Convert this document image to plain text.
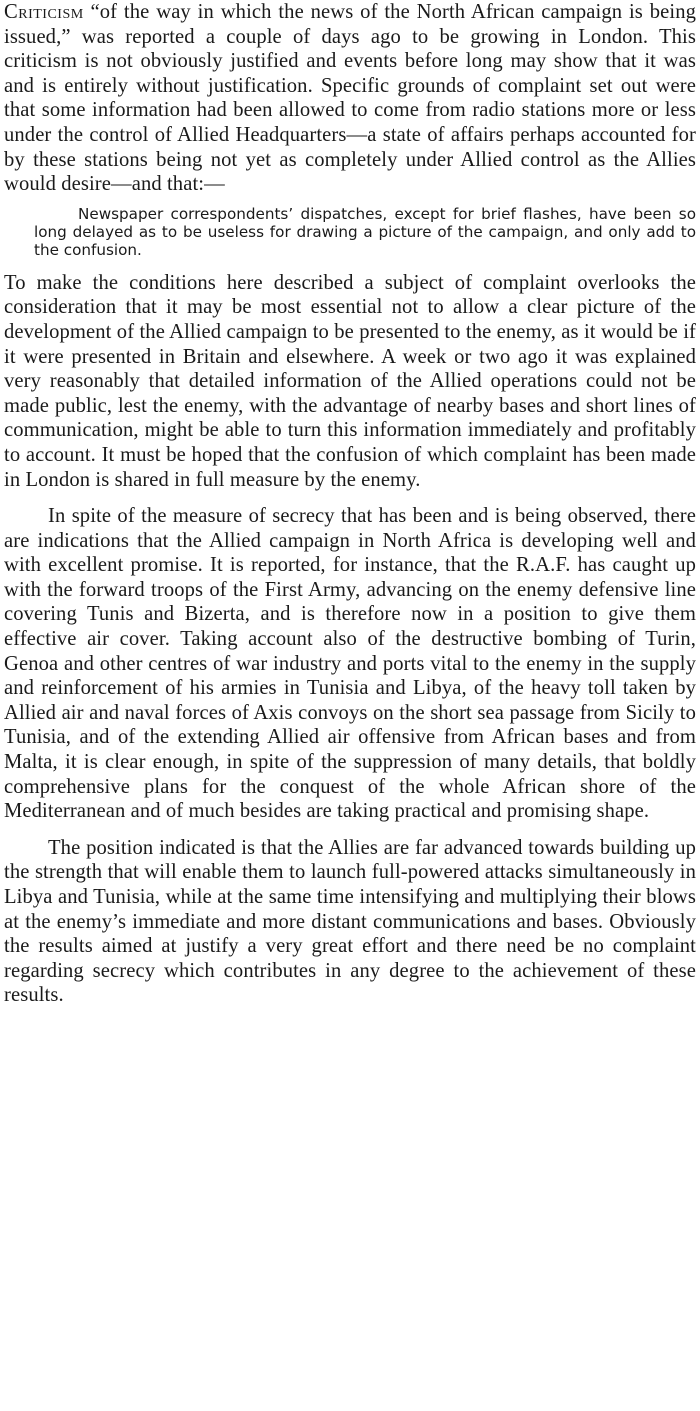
Criticism “of the way in which the news of the North African campaign is being issued,” was reported a couple of days ago to be growing in London. This criticism is not obviously justified and events before long may show that it was and is entirely without justification. Specific grounds of complaint set out were that some information had been allowed to come from radio stations more or less under the control of Allied Headquarters—a state of affairs perhaps accounted for by these stations being not yet as completely under Allied control as the Allies would desire—and that:—

Newspaper correspondents’ dispatches, except for brief flashes, have been so long delayed as to be useless for drawing a picture of the campaign, and only add to the confusion.

To make the conditions here described a subject of complaint overlooks the consideration that it may be most essential not to allow a clear picture of the development of the Allied campaign to be presented to the enemy, as it would be if it were presented in Britain and elsewhere. A week or two ago it was explained very reasonably that detailed information of the Allied operations could not be made public, lest the enemy, with the advantage of nearby bases and short lines of communication, might be able to turn this information immediately and profitably to account. It must be hoped that the confusion of which complaint has been made in London is shared in full measure by the enemy.

In spite of the measure of secrecy that has been and is being observed, there are indications that the Allied campaign in North Africa is developing well and with excellent promise. It is reported, for instance, that the R.A.F. has caught up with the forward troops of the First Army, advancing on the enemy defensive line covering Tunis and Bizerta, and is therefore now in a position to give them effective air cover. Taking account also of the destructive bombing of Turin, Genoa and other centres of war industry and ports vital to the enemy in the supply and reinforcement of his armies in Tunisia and Libya, of the heavy toll taken by Allied air and naval forces of Axis convoys on the short sea passage from Sicily to Tunisia, and of the extending Allied air offensive from African bases and from Malta, it is clear enough, in spite of the suppression of many details, that boldly comprehensive plans for the conquest of the whole African shore of the Mediterranean and of much besides are taking practical and promising shape.

The position indicated is that the Allies are far advanced towards building up the strength that will enable them to launch full-powered attacks simultaneously in Libya and Tunisia, while at the same time intensifying and multiplying their blows at the enemy’s immediate and more distant communications and bases. Obviously the results aimed at justify a very great effort and there need be no complaint regarding secrecy which contributes in any degree to the achievement of these results.
